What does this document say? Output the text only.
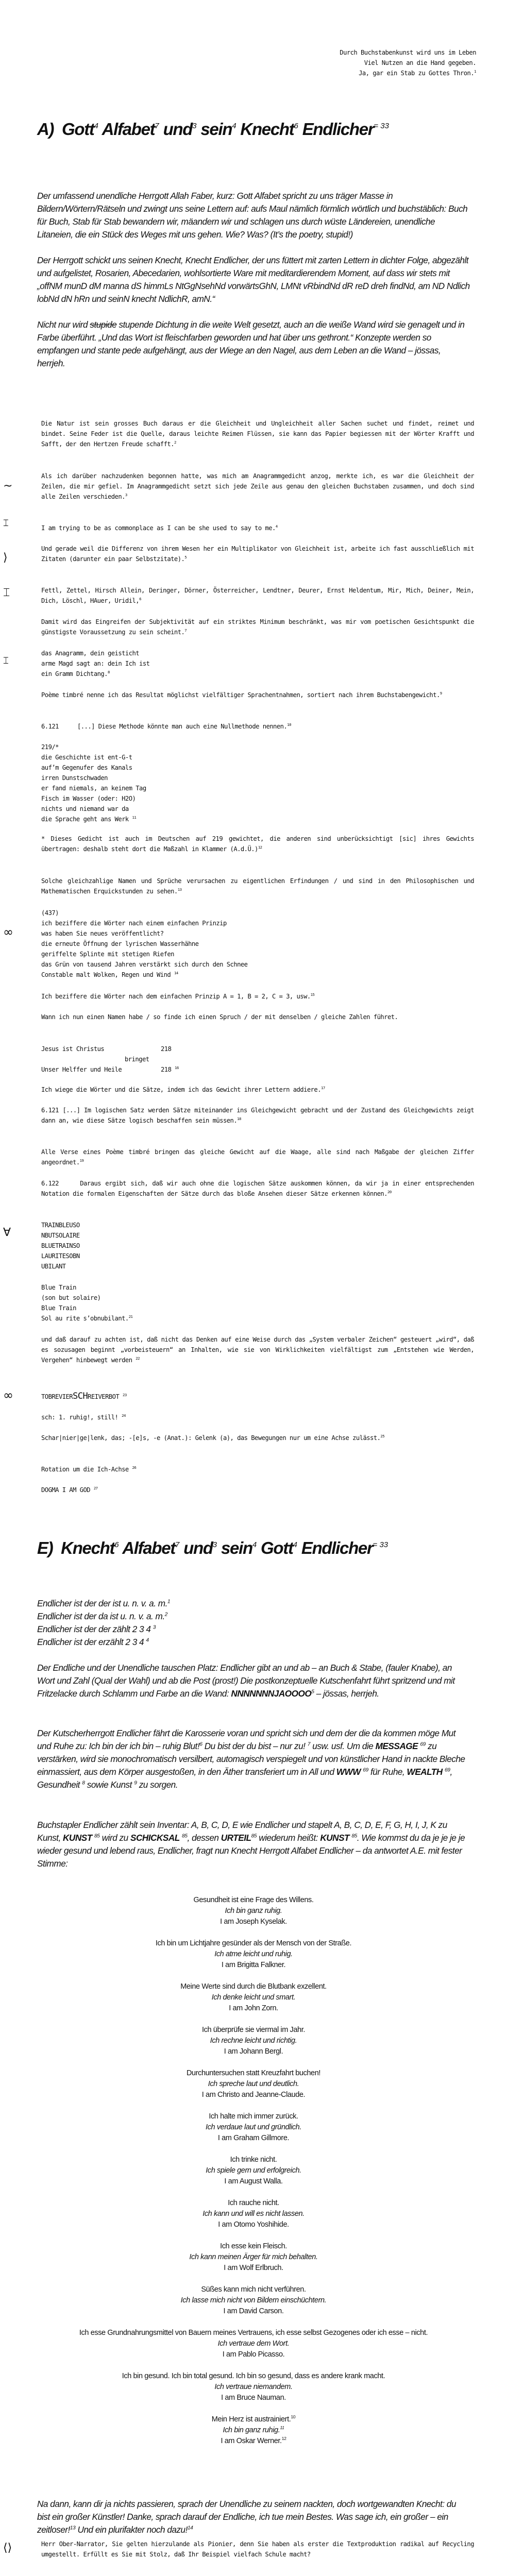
Durch Buchstabenkunst wird uns im Leben
Viel Nutzen an die Hand gegeben.
Ja, gar ein Stab zu Gottes Thron.$^1$
A) Gott$^4$ Alfabet$^7$ und$^3$ sein$^4$ Knecht$^6$ Endlicher$^{= 33}$

Der umfassend unendliche Herrgott Allah Faber, kurz: Gott Alfabet spricht zu uns träger Masse in Bildern/Wörtern/Rätseln und zwingt uns seine Lettern auf: aufs Maul nämlich förmlich wörtlich und buchstäblich: Buch für Buch, Stab für Stab bewandern wir, mäandern wir und schlagen uns durch wüste Ländereien, unendliche Litaneien, die ein Stück des Weges mit uns gehen. Wie? Was? (It’s the poetry, stupid!)

Der Herrgott schickt uns seinen Knecht, Knecht Endlicher, der uns füttert mit zarten Lettern in dichter Folge, abgezählt und aufgelistet, Rosarien, Abecedarien, wohlsortierte Ware mit meditardierendem Moment, auf dass wir stets mit „offNM munD dM manna dS himmLs NtGgNsehNd vorwärtsGhN, LMNt vRbindNd dR reD dreh findNd, am ND Ndlich lobNd dN hRn und seinN knecht NdlichR, amN.“

Nicht nur wird stupide stupende Dichtung in die weite Welt gesetzt, auch an die weiße Wand wird sie genagelt und in Farbe überführt. „Und das Wort ist fleischfarben geworden und hat über uns gethront.“ Konzepte werden so empfangen und stante pede aufgehängt, aus der Wiege an den Nagel, aus dem Leben an die Wand – jössas, herrjeh.

Die Natur ist sein grosses Buch daraus er die Gleichheit und Ungleichheit aller Sachen suchet und findet, reimet und bindet. Seine Feder ist die Quelle, daraus leichte Reimen Flüssen, sie kann das Papier begiessen mit der Wörter Krafft und Safft, der den Hertzen Freude schafft.$^2$

~

Als ich darüber nachzudenken begonnen hatte, was mich am Anagrammgedicht anzog, merkte ich, es war die Gleichheit der Zeilen, die mir gefiel. Im Anagrammgedicht setzt sich jede Zeile aus genau den gleichen Buchstaben zusammen, und doch sind alle Zeilen verschieden.$^3$

⌶	I am trying to be as commonplace as I can be she used to say to me.$^4$

⟩

Und gerade weil die Differenz von ihrem Wesen her ein Multiplikator von Gleichheit ist, arbeite ich fast ausschließlich mit Zitaten (darunter ein paar Selbstzitate).$^5$

⌶	Fettl, Zettel, Hirsch Allein, Deringer, Dörner, Österreicher, Lendtner, Deurer, Ernst Heldentum, Mir, Mich, Deiner, Mein, Dich, Löschl, HAuer, Uridil,$^6$

Damit wird das Eingreifen der Subjektivität auf ein striktes Minimum beschränkt, was mir vom poetischen Gesichtspunkt die günstigste Voraussetzung zu sein scheint.$^7$

⌶
das Anagramm, dein geisticht
arme Magd sagt an: dein Ich ist
ein Gramm Dichtang.$^8$

Poème timbré nenne ich das Resultat möglichst vielfältiger Sprachentnahmen, sortiert nach ihrem Buchstabengewicht.$^9$

6.121	[...] Diese Methode könnte man auch eine Nullmethode nennen.$^{10}$
219/*
die Geschichte ist ent-G-t
auf’m Gegenufer des Kanals
irren Dunstschwaden
er fand niemals, an keinem Tag
Fisch im Wasser (oder: H2O)
nichts und niemand war da
die Sprache geht ans Werk $^{11}$

* Dieses Gedicht ist auch im Deutschen auf 219 gewichtet, die anderen sind unberücksichtigt [sic] ihres Gewichts übertragen: deshalb steht dort die Maßzahl in Klammer (A.d.Ü.)$^{12}$

Solche gleichzahlige Namen und Sprüche verursachen zu eigentlichen Erfindungen / und sind in den Philosophischen und Mathematischen Erquickstunden zu sehen.$^{13}$

∞
(437)
ich beziffere die Wörter nach einem einfachen Prinzip
was haben Sie neues veröffentlicht?
die erneute Öffnung der lyrischen Wasserhähne
geriffelte Splinte mit stetigen Riefen
das Grün von tausend Jahren verstärkt sich durch den Schnee
Constable malt Wolken, Regen und Wind $^{14}$

Ich beziffere die Wörter nach dem einfachen Prinzip A = 1, B = 2, C = 3, usw.$^{15}$

Wann ich nun einen Namen habe / so finde ich einen Spruch / der mit denselben / gleiche Zahlen führet.

Jesus ist Christus	218
bringet
Unser Helffer und Heile	218 $^{16}$

Ich wiege die Wörter und die Sätze, indem ich das Gewicht ihrer Lettern addiere.$^{17}$

6.121 [...] Im logischen Satz werden Sätze miteinander ins Gleichgewicht gebracht und der Zustand des Gleichgewichts zeigt dann an, wie diese Sätze logisch beschaffen sein müssen.$^{18}$

Alle Verse eines Poème timbré bringen das gleiche Gewicht auf die Waage, alle sind nach Maßgabe der gleichen Ziffer angeordnet.$^{19}$

6.122	Daraus ergibt sich, daß wir auch ohne die logischen Sätze auskommen können, da wir ja in einer entsprechenden Notation die formalen Eigenschaften der Sätze durch das bloße Ansehen dieser Sätze erkennen können.$^{20}$

∀
TRAINBLEUSO
NBUTSOLAIRE
BLUETRAINSO
LAURITESOBN
UBILANT
Blue Train
(son but solaire)
Blue Train
Sol au rite s’obnubilant.$^{21}$

und daß darauf zu achten ist, daß nicht das Denken auf eine Weise durch das „System verbaler Zeichen“ gesteuert „wird“, daß es sozusagen beginnt „vorbeisteuern“ an Inhalten, wie sie von Wirklichkeiten vielfältigst zum „Entstehen wie Werden, Vergehen“ hinbewegt werden $^{22}$

∞	TOBREVIERSCHREIVERBOT $^{23}$
sch: 1. ruhig!, still! $^{24}$

Schar|nier|ge|lenk, das; -[e]s, -e (Anat.): Gelenk (a), das Bewegungen nur um eine Achse zulässt.$^{25}$

Rotation um die Ich-Achse $^{26}$
DOGMA I AM GOD $^{27}$
E) Knecht$^6$ Alfabet$^7$ und$^3$ sein$^4$ Gott$^4$ Endlicher$^{= 33}$
Endlicher ist der der ist u. n. v. a. m.$^1$
Endlicher ist der da ist u. n. v. a. m.$^2$
Endlicher ist der der zählt 2 3 4 $^3$
Endlicher ist der erzählt 2 3 4 $^4$

Der Endliche und der Unendliche tauschen Platz: Endlicher gibt an und ab – an Buch & Stabe, (fauler Knabe), an Wort und Zahl (Qual der Wahl) und ab die Post (prost!) Die postkonzeptuelle Kutschenfahrt führt spritzend und mit Fritzelacke durch Schlamm und Farbe an die Wand: NNNNNNNJAOOOO$^5$ – jössas, herrjeh.

Der Kutscherherrgott Endlicher fährt die Karosserie voran und spricht sich und dem der die da kommen möge Mut und Ruhe zu: Ich bin der ich bin – ruhig Blut!$^6$ Du bist der du bist – nur zu! $^7$ usw. usf. Um die MESSAGE $^{69}$ zu verstärken, wird sie monochromatisch versilbert, automagisch verspiegelt und von künstlicher Hand in nackte Bleche einmassiert, aus dem Körper ausgestoßen, in den Äther transferiert um in All und WWW $^{69}$ für Ruhe, WEALTH $^{69}$, Gesundheit $^8$ sowie Kunst $^9$ zu sorgen.

Buchstapler Endlicher zählt sein Inventar: A, B, C, D, E wie Endlicher und stapelt A, B, C, D, E, F, G, H, I, J, K zu Kunst, KUNST $^{85}$ wird zu SCHICKSAL $^{85}$, dessen URTEIL$^{85}$ wiederum heißt: KUNST $^{85}$. Wie kommst du da je je je je wieder gesund und lebend raus, Endlicher, fragt nun Knecht Herrgott Alfabet Endlicher – da antwortet A.E. mit fester Stimme:

Gesundheit ist eine Frage des Willens.
Ich bin ganz ruhig.
I am Joseph Kyselak.
Ich bin um Lichtjahre gesünder als der Mensch von der Straße.
Ich atme leicht und ruhig.
I am Brigitta Falkner.
Meine Werte sind durch die Blutbank exzellent.
Ich denke leicht und smart.
I am John Zorn.
Ich überprüfe sie viermal im Jahr.
Ich rechne leicht und richtig.
I am Johann Bergl.
Durchuntersuchen statt Kreuzfahrt buchen!
Ich spreche laut und deutlich.
I am Christo and Jeanne-Claude.
Ich halte mich immer zurück.
Ich verdaue laut und gründlich.
I am Graham Gillmore.
Ich trinke nicht.
Ich spiele gern und erfolgreich.
I am August Walla.
Ich rauche nicht.
Ich kann und will es nicht lassen.
I am Otomo Yoshihide.
Ich esse kein Fleisch.
Ich kann meinen Ärger für mich behalten.
I am Wolf Erlbruch.
Süßes kann mich nicht verführen.
Ich lasse mich nicht von Bildern einschüchtern.
I am David Carson.
Ich esse Grundnahrungsmittel von Bauern meines Vertrauens, ich esse selbst Gezogenes oder ich esse – nicht.
Ich vertraue dem Wort.
I am Pablo Picasso.
Ich bin gesund. Ich bin total gesund. Ich bin so gesund, dass es andere krank macht.
Ich vertraue niemandem.
I am Bruce Nauman.
Mein Herz ist austrainiert.$^{10}$
Ich bin ganz ruhig.$^{11}$
I am Oskar Werner.$^{12}$

Na dann, kann dir ja nichts passieren, sprach der Unendliche zu seinem nackten, doch wortgewandten Knecht: du bist ein großer Künstler! Danke, sprach darauf der Endliche, ich tue mein Bestes. Was sage ich, ein großer – ein zeitloser!$^{13}$ Und ein plurifakter noch dazu!$^{14}$

⟨⟩	Herr Ober-Narrator, Sie gelten hierzulande als Pionier, denn Sie haben als erster die Textproduktion radikal auf Recycling umgestellt. Erfüllt es Sie mit Stolz, daß Ihr Beispiel vielfach Schule macht?
